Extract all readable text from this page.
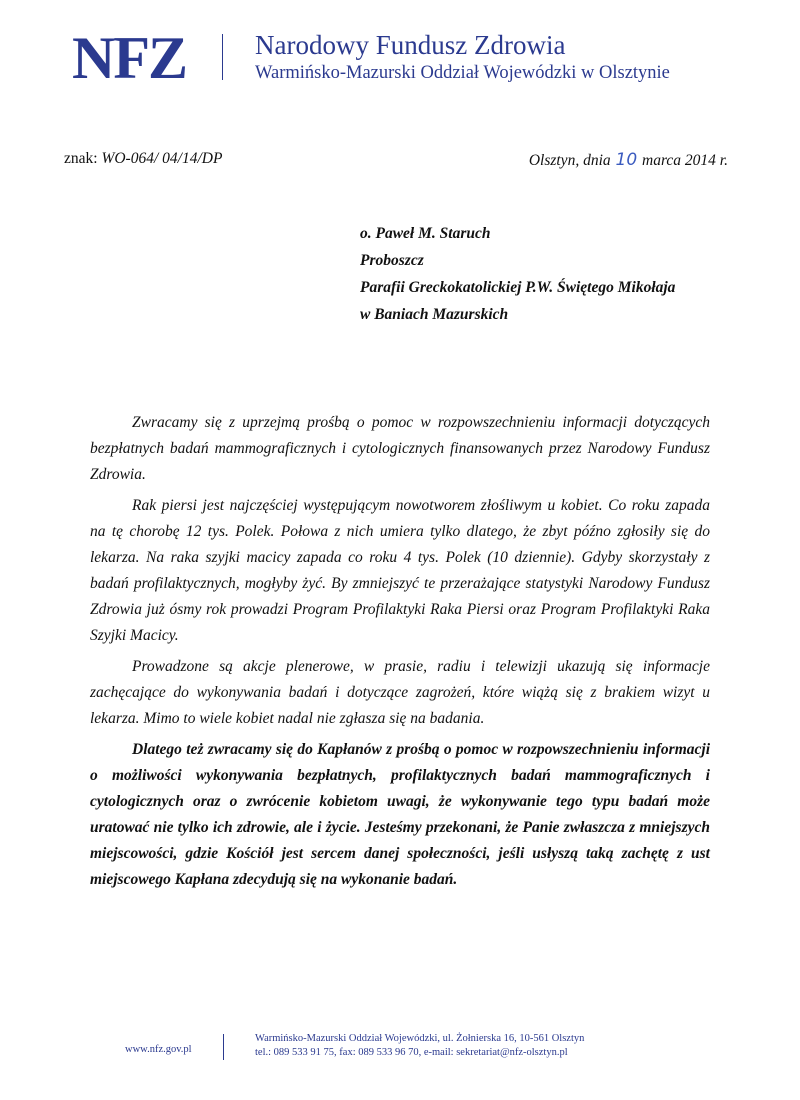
NFZ	Narodowy Fundusz Zdrowia
Warmińsko-Mazurski Oddział Wojewódzki w Olsztynie
znak: WO-064/ 04/14/DP	Olsztyn, dnia 10 marca 2014 r.
o. Paweł M. Staruch
Proboszcz
Parafii Greckokatolickiej P.W. Świętego Mikołaja
w Baniach Mazurskich

Zwracamy się z uprzejmą prośbą o pomoc w rozpowszechnieniu informacji dotyczących bezpłatnych badań mammograficznych i cytologicznych finansowanych przez Narodowy Fundusz Zdrowia.

Rak piersi jest najczęściej występującym nowotworem złośliwym u kobiet. Co roku zapada na tę chorobę 12 tys. Polek. Połowa z nich umiera tylko dlatego, że zbyt późno zgłosiły się do lekarza. Na raka szyjki macicy zapada co roku 4 tys. Polek (10 dziennie). Gdyby skorzystały z badań profilaktycznych, mogłyby żyć. By zmniejszyć te przerażające statystyki Narodowy Fundusz Zdrowia już ósmy rok prowadzi Program Profilaktyki Raka Piersi oraz Program Profilaktyki Raka Szyjki Macicy.

Prowadzone są akcje plenerowe, w prasie, radiu i telewizji ukazują się informacje zachęcające do wykonywania badań i dotyczące zagrożeń, które wiążą się z brakiem wizyt u lekarza. Mimo to wiele kobiet nadal nie zgłasza się na badania.

Dlatego też zwracamy się do Kapłanów z prośbą o pomoc w rozpowszechnieniu informacji o możliwości wykonywania bezpłatnych, profilaktycznych badań mammograficznych i cytologicznych oraz o zwrócenie kobietom uwagi, że wykonywanie tego typu badań może uratować nie tylko ich zdrowie, ale i życie. Jesteśmy przekonani, że Panie zwłaszcza z mniejszych miejscowości, gdzie Kościół jest sercem danej społeczności, jeśli usłyszą taką zachętę z ust miejscowego Kapłana zdecydują się na wykonanie badań.

www.nfz.gov.pl
Warmińsko-Mazurski Oddział Wojewódzki, ul. Żołnierska 16, 10-561 Olsztyn
tel.: 089 533 91 75, fax: 089 533 96 70, e-mail: sekretariat@nfz-olsztyn.pl
